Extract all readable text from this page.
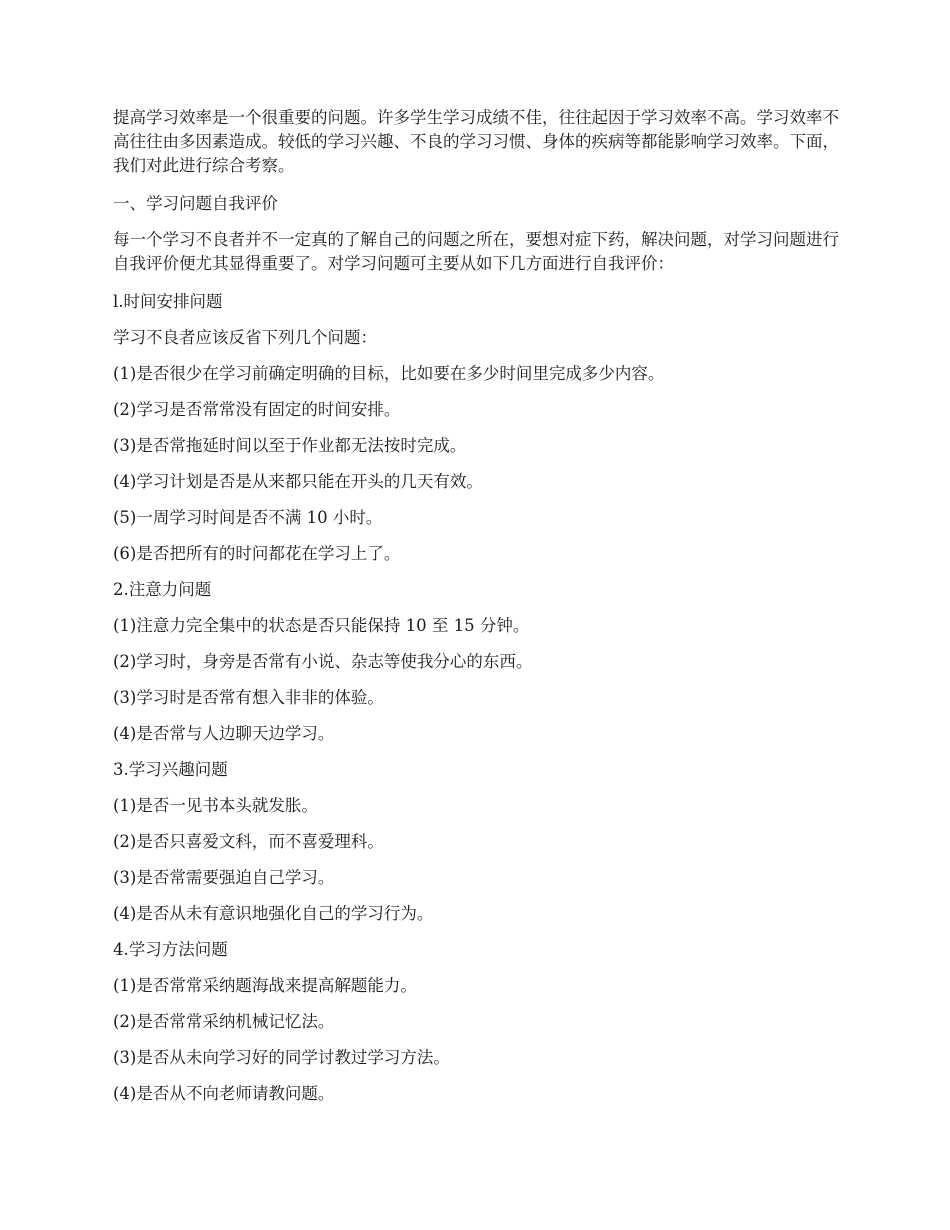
提高学习效率是一个很重要的问题。许多学生学习成绩不佳，往往起因于学习效率不高。学习效率不高往往由多因素造成。较低的学习兴趣、不良的学习习惯、身体的疾病等都能影响学习效率。下面，我们对此进行综合考察。

一、学习问题自我评价

每一个学习不良者并不一定真的了解自己的问题之所在，要想对症下药，解决问题，对学习问题进行自我评价便尤其显得重要了。对学习问题可主要从如下几方面进行自我评价：

l.时间安排问题

学习不良者应该反省下列几个问题：

(1)是否很少在学习前确定明确的目标，比如要在多少时间里完成多少内容。

(2)学习是否常常没有固定的时间安排。

(3)是否常拖延时间以至于作业都无法按时完成。

(4)学习计划是否是从来都只能在开头的几天有效。

(5)一周学习时间是否不满 10 小时。

(6)是否把所有的时问都花在学习上了。

2.注意力问题

(1)注意力完全集中的状态是否只能保持 10 至 15 分钟。

(2)学习时，身旁是否常有小说、杂志等使我分心的东西。

(3)学习时是否常有想入非非的体验。

(4)是否常与人边聊天边学习。

3.学习兴趣问题

(1)是否一见书本头就发胀。

(2)是否只喜爱文科，而不喜爱理科。

(3)是否常需要强迫自己学习。

(4)是否从未有意识地强化自己的学习行为。

4.学习方法问题

(1)是否常常采纳题海战来提高解题能力。

(2)是否常常采纳机械记忆法。

(3)是否从未向学习好的同学讨教过学习方法。

(4)是否从不向老师请教问题。
